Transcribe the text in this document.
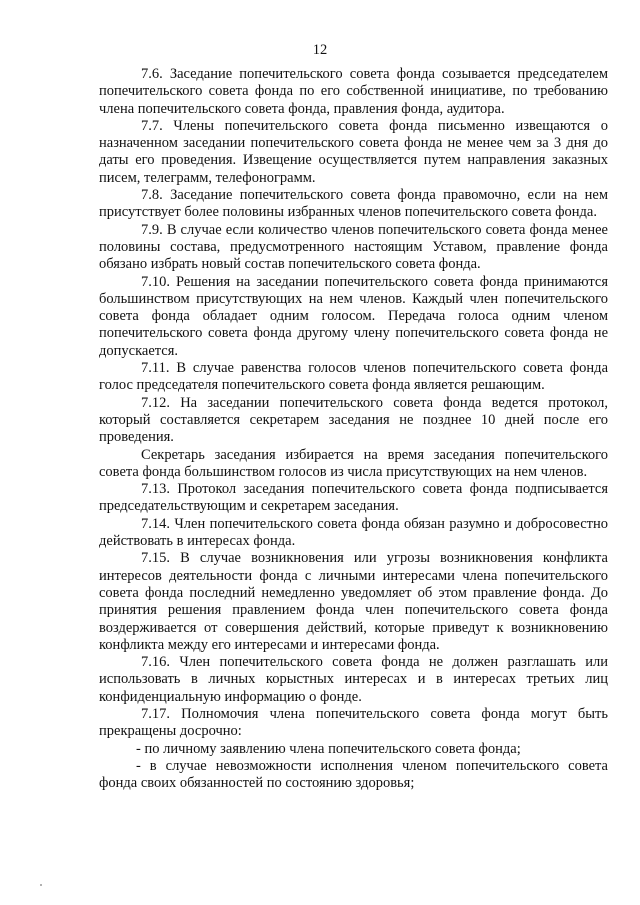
12

7.6. Заседание попечительского совета фонда созывается председателем попечительского совета фонда по его собственной инициативе, по требованию члена попечительского совета фонда, правления фонда, аудитора.

7.7. Члены попечительского совета фонда письменно извещаются о назначенном заседании попечительского совета фонда не менее чем за 3 дня до даты его проведения. Извещение осуществляется путем направления заказных писем, телеграмм, телефонограмм.

7.8. Заседание попечительского совета фонда правомочно, если на нем присутствует более половины избранных членов попечительского совета фонда.

7.9. В случае если количество членов попечительского совета фонда менее половины состава, предусмотренного настоящим Уставом, правление фонда обязано избрать новый состав попечительского совета фонда.

7.10. Решения на заседании попечительского совета фонда принимаются большинством присутствующих на нем членов. Каждый член попечительского совета фонда обладает одним голосом. Передача голоса одним членом попечительского совета фонда другому члену попечительского совета фонда не допускается.

7.11. В случае равенства голосов членов попечительского совета фонда голос председателя попечительского совета фонда является решающим.

7.12. На заседании попечительского совета фонда ведется протокол, который составляется секретарем заседания не позднее 10 дней после его проведения.

Секретарь заседания избирается на время заседания попечительского совета фонда большинством голосов из числа присутствующих на нем членов.

7.13. Протокол заседания попечительского совета фонда подписывается председательствующим и секретарем заседания.

7.14. Член попечительского совета фонда обязан разумно и добросовестно действовать в интересах фонда.

7.15. В случае возникновения или угрозы возникновения конфликта интересов деятельности фонда с личными интересами члена попечительского совета фонда последний немедленно уведомляет об этом правление фонда. До принятия решения правлением фонда член попечительского совета фонда воздерживается от совершения действий, которые приведут к возникновению конфликта между его интересами и интересами фонда.

7.16. Член попечительского совета фонда не должен разглашать или использовать в личных корыстных интересах и в интересах третьих лиц конфиденциальную информацию о фонде.

7.17. Полномочия члена попечительского совета фонда могут быть прекращены досрочно:

- по личному заявлению члена попечительского совета фонда;

- в случае невозможности исполнения членом попечительского совета фонда своих обязанностей по состоянию здоровья;
